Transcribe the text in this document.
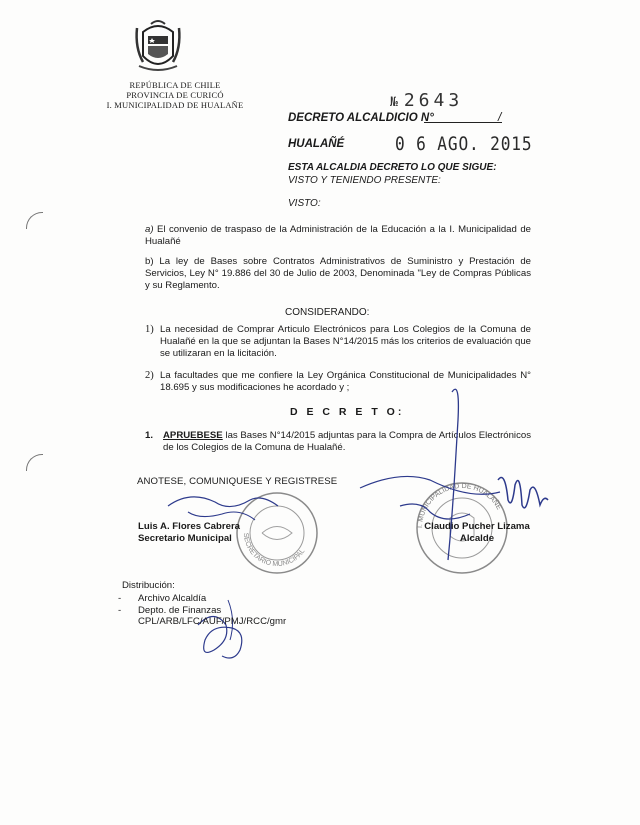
REPÚBLICA DE CHILE
PROVINCIA DE CURICÓ
I. MUNICIPALIDAD DE HUALAÑE
DECRETO ALCALDICIO N°	/
№ 2643
HUALAÑÉ	0 6 AGO. 2015
ESTA ALCALDIA DECRETO LO QUE SIGUE:
VISTO Y TENIENDO PRESENTE:
VISTO:
a) El convenio de traspaso de la Administración de la Educación a la I. Municipalidad de Hualañé
b) La ley de Bases sobre Contratos Administrativos de Suministro y Prestación de Servicios, Ley N° 19.886 del 30 de Julio de 2003, Denominada "Ley de Compras Públicas y su Reglamento.
CONSIDERANDO:
1) La necesidad de Comprar Articulo Electrónicos para Los Colegios de la Comuna de Hualañé en la que se adjuntan la Bases N°14/2015 más los criterios de evaluación que se utilizaran en la licitación.
2) La facultades que me confiere la Ley Orgánica Constitucional de Municipalidades N° 18.695 y sus modificaciones he acordado y ;
D E C R E T O:
1. APRUEBESE las Bases N°14/2015 adjuntas para la Compra de Artículos Electrónicos de los Colegios de la Comuna de Hualañé.
ANOTESE, COMUNIQUESE Y REGISTRESE
SECRETARIO MUNICIPAL
I. MUNICIPALIDAD DE HUALAÑE
Luis A. Flores Cabrera
Secretario Municipal
Claudio Pucher Lizama
Alcalde
Distribución:
-	Archivo Alcaldía
-	Depto. de Finanzas
CPL/ARB/LFC/AUF/PMJ/RCC/gmr
